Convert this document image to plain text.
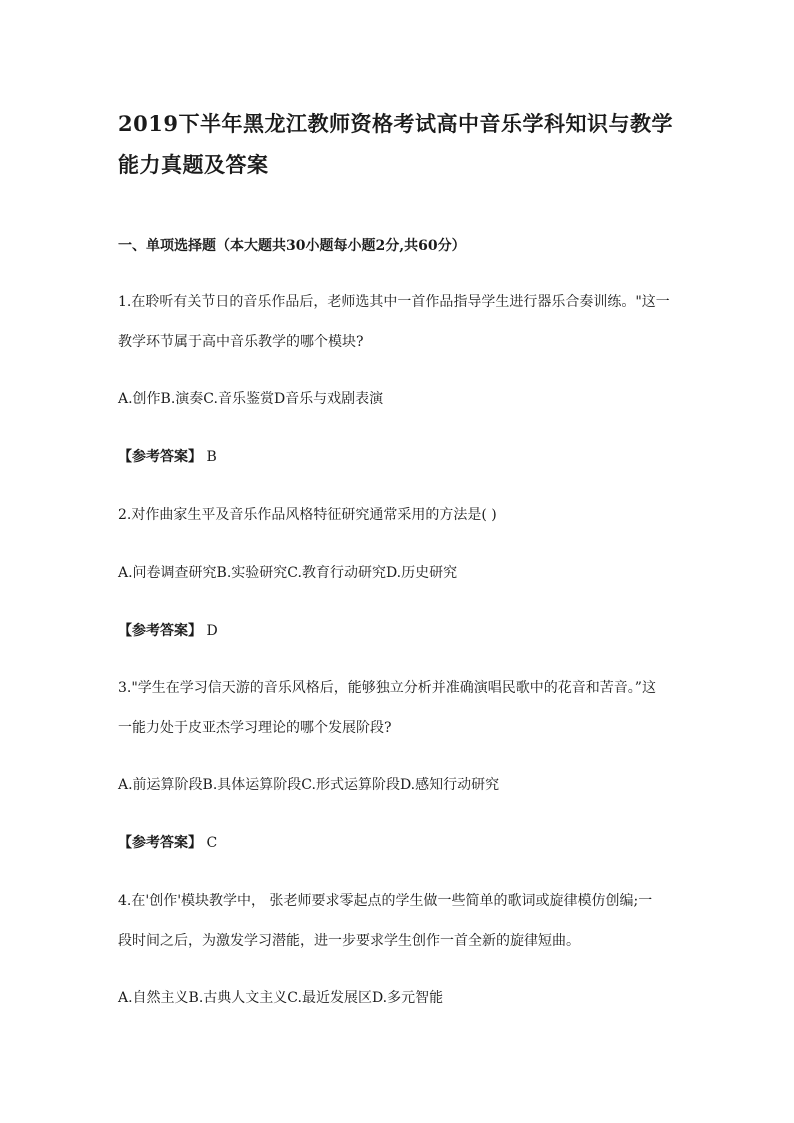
2019下半年黑龙江教师资格考试高中音乐学科知识与教学
能力真题及答案

一、单项选择题（本大题共30小题每小题2分,共60分）

1.在聆听有关节日的音乐作品后，老师选其中一首作品指导学生进行器乐合奏训练。"这一

教学环节属于高中音乐教学的哪个模块?

A.创作B.演奏C.音乐鉴赏D音乐与戏剧表演

【参考答案】 B

2.对作曲家生平及音乐作品风格特征研究通常采用的方法是( )

A.问卷调查研究B.实验研究C.教育行动研究D.历史研究

【参考答案】 D

3."学生在学习信天游的音乐风格后，能够独立分析并准确演唱民歌中的花音和苦音。”这

一能力处于皮亚杰学习理论的哪个发展阶段?

A.前运算阶段B.具体运算阶段C.形式运算阶段D.感知行动研究

【参考答案】 C

4.在'创作'模块教学中， 张老师要求零起点的学生做一些简单的歌词或旋律模仿创编;一

段时间之后，为激发学习潜能，进一步要求学生创作一首全新的旋律短曲。

A.自然主义B.古典人文主义C.最近发展区D.多元智能
